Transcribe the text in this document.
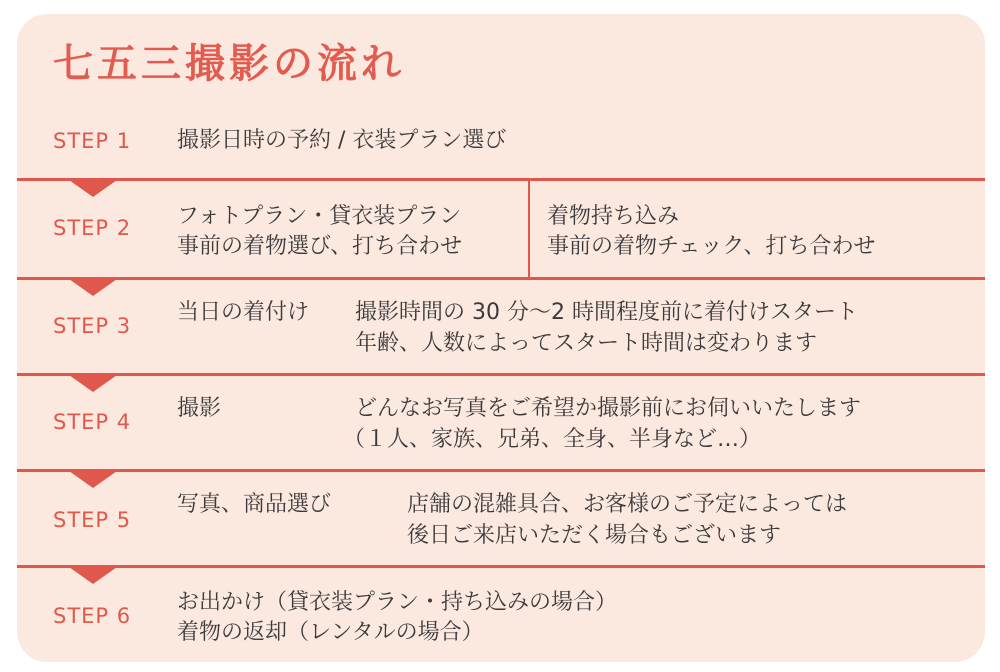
七五三撮影の流れ
STEP 1 撮影日時の予約 / 衣装プラン選び
STEP 2 フォトプラン・貸衣装プラン
事前の着物選び、打ち合わせ
着物持ち込み
事前の着物チェック、打ち合わせ
STEP 3
当日の着付け 撮影時間の 30 分〜2 時間程度前に着付けスタート
年齢、人数によってスタート時間は変わります
STEP 4
撮影	どんなお写真をご希望か撮影前にお伺いいたします
（１人、家族、兄弟、全身、半身など…）
STEP 5
写真、商品選び	店舗の混雑具合、お客様のご予定によっては
後日ご来店いただく場合もございます
STEP 6
お出かけ（貸衣装プラン・持ち込みの場合）
着物の返却（レンタルの場合）
